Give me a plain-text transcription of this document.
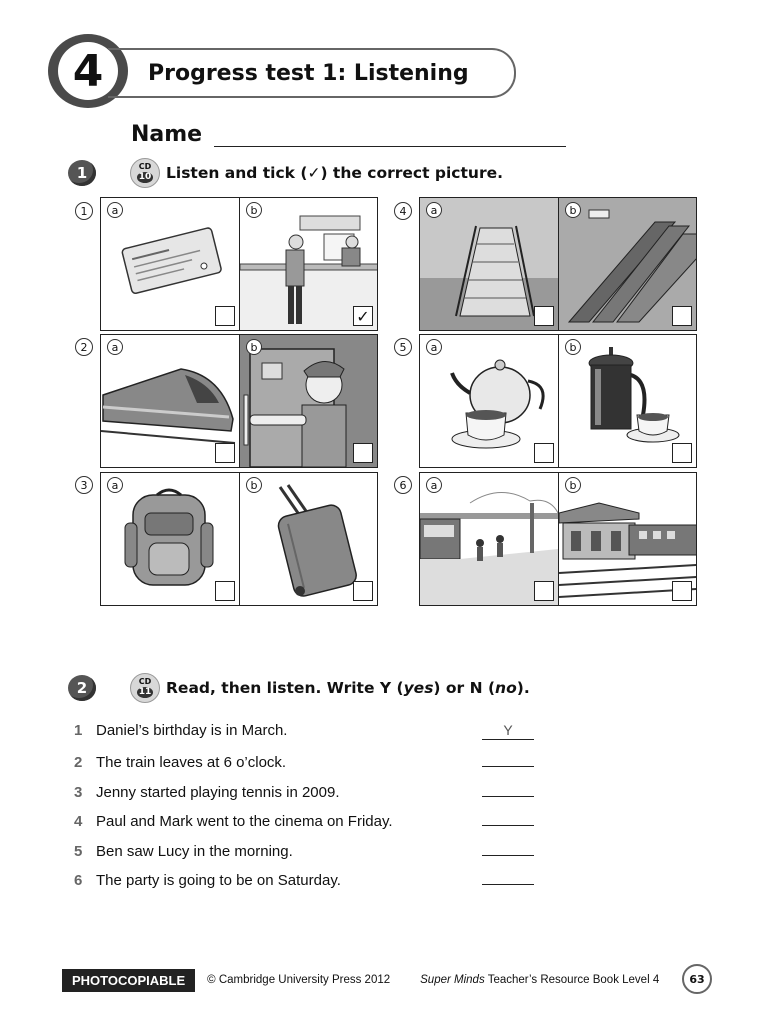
4	Progress test 1: Listening
Name
1	CD
10 Listen and tick (✓) the correct picture.
1
2
3
4
5
6
a	b
✓
a	b
a	b
a	b
a	b
a	b
2	CD
11 Read, then listen. Write Y (yes) or N (no).
1 Daniel’s birthday is in March.	Y
2 The train leaves at 6 o’clock.
3 Jenny started playing tennis in 2009.
4 Paul and Mark went to the cinema on Friday.
5 Ben saw Lucy in the morning.
6 The party is going to be on Saturday.
PHOTOCOPIABLE	© Cambridge University Press 2012	Super Minds Teacher’s Resource Book Level 4	63
